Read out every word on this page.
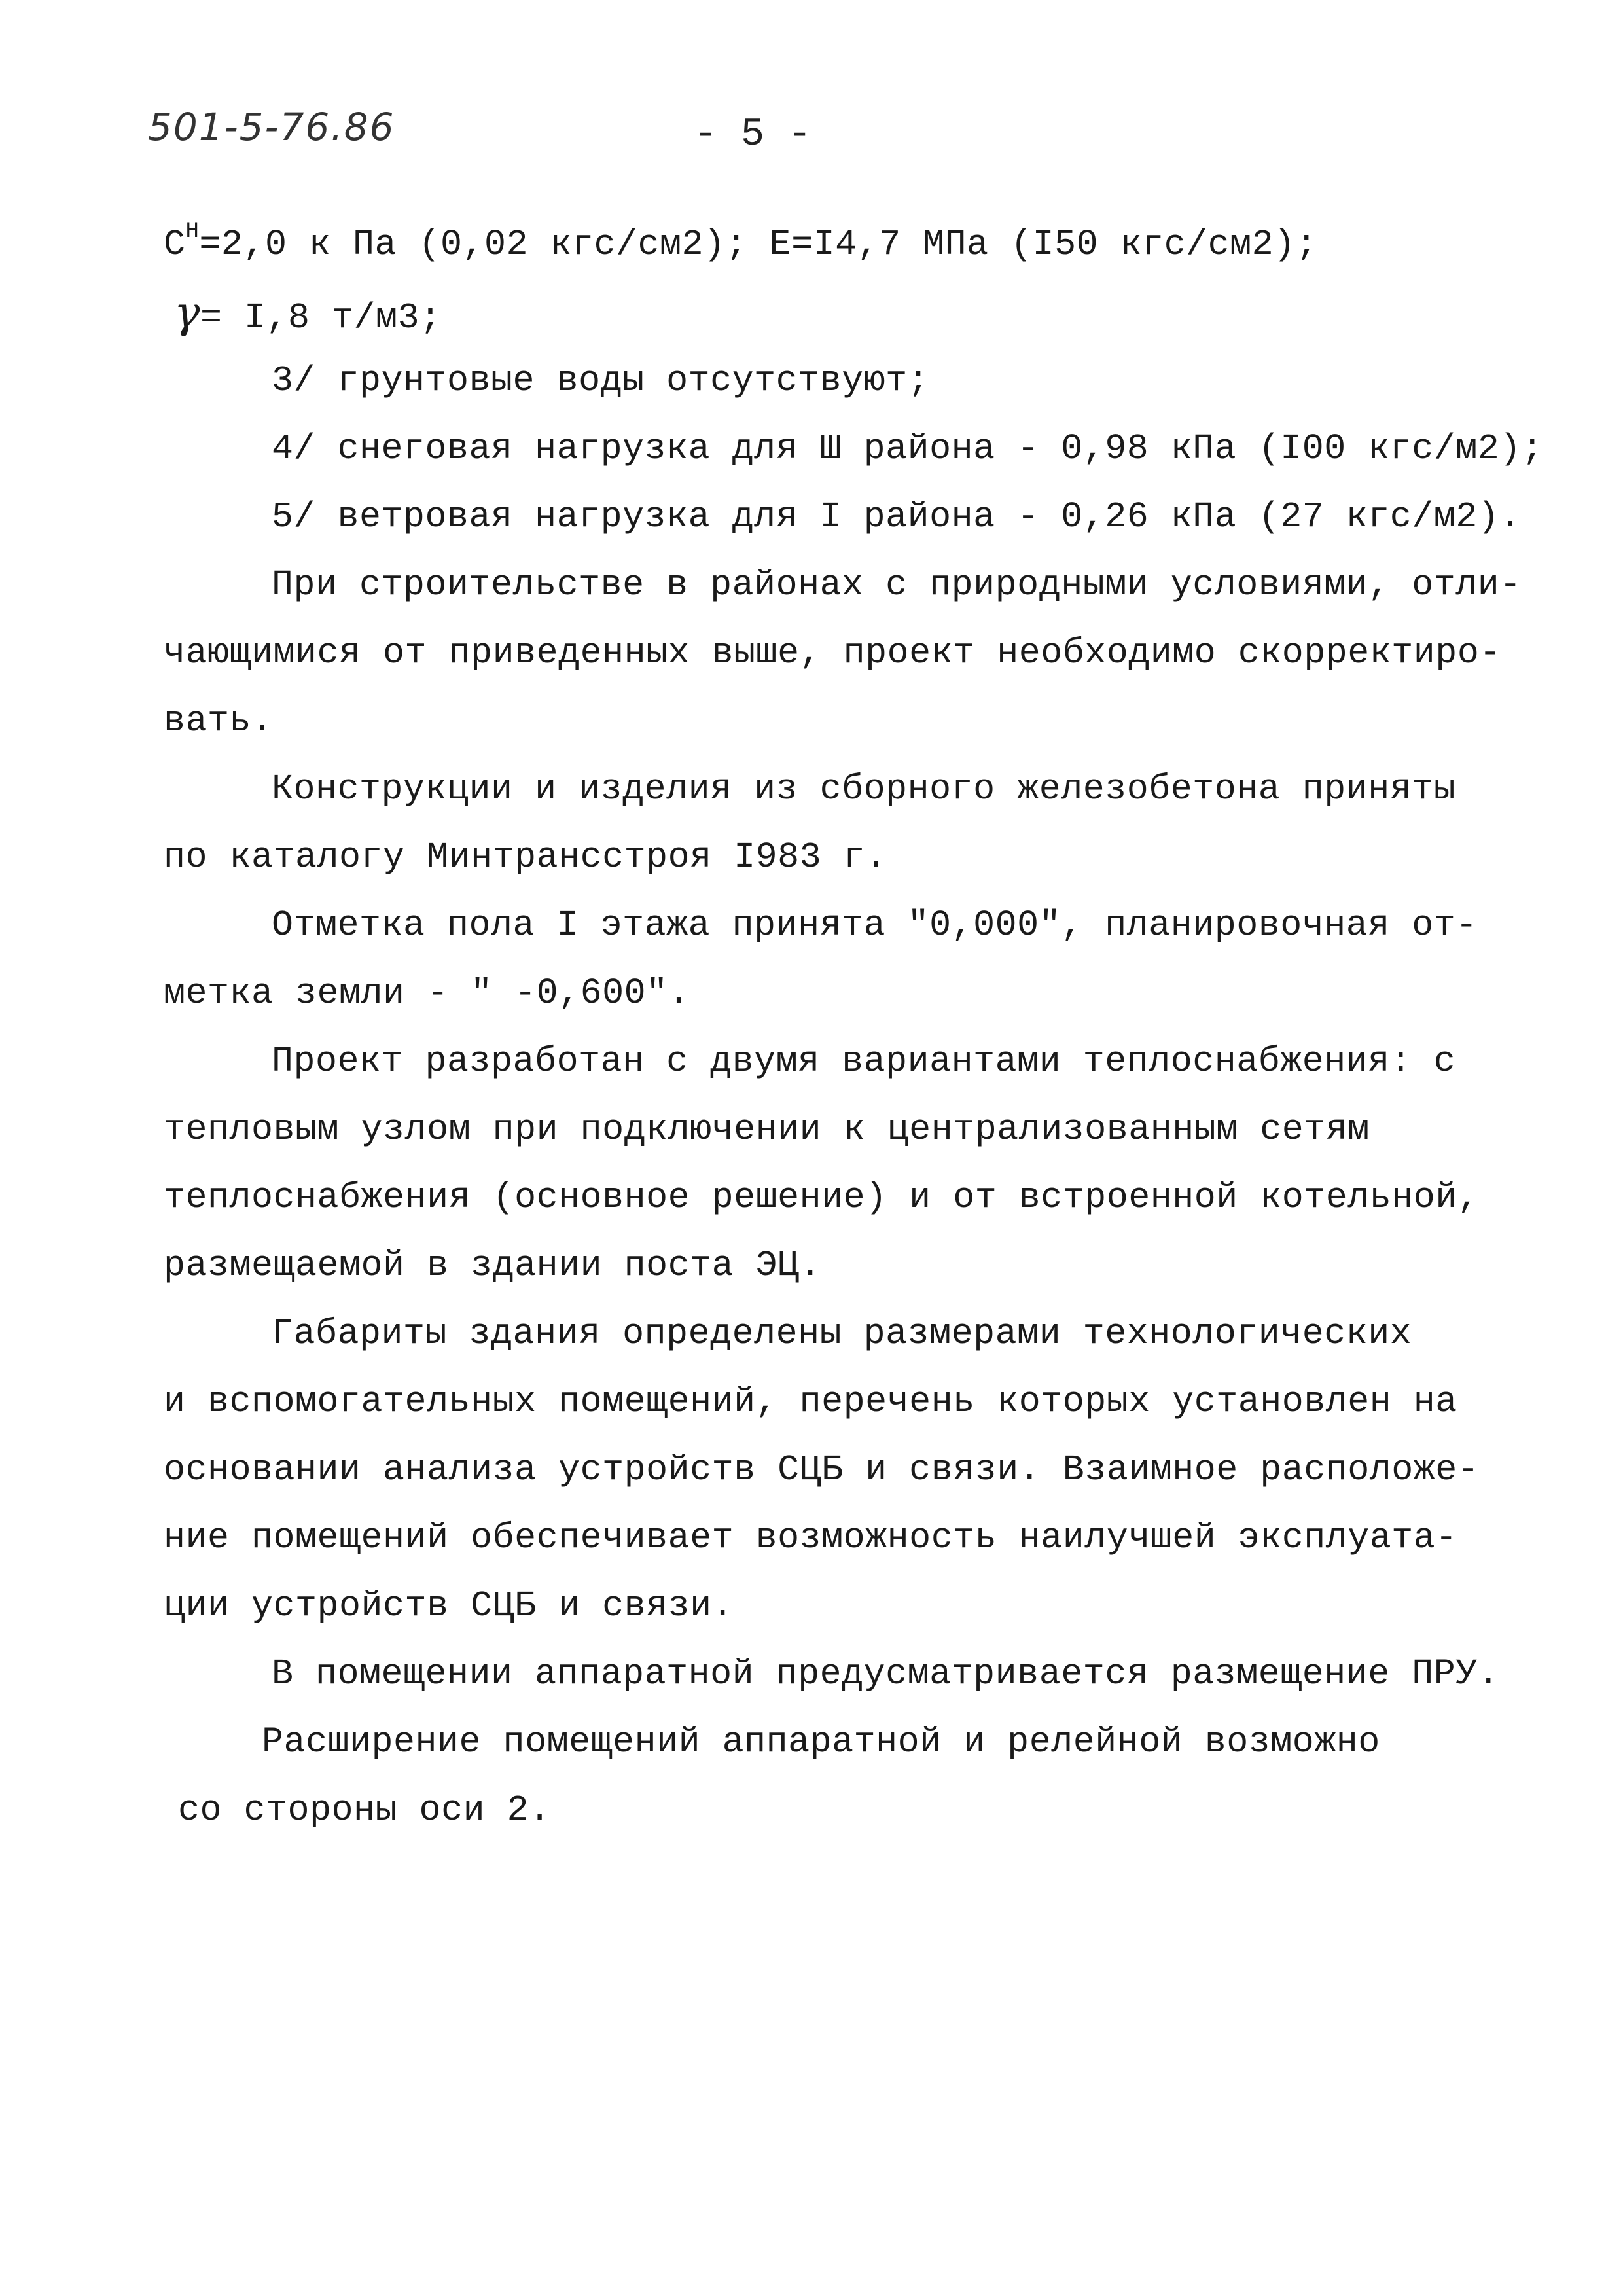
501-5-76.86	- 5 -
$C^Н=2,0$ к Па (0,02 кгс/см2); Е=I4,7 МПа (I50 кгс/см2);
γ= I,8 т/м3;
3/ грунтовые воды отсутствуют;
4/ снеговая нагрузка для Ш района - 0,98 кПа (I00 кгс/м2);
5/ ветровая нагрузка для I района - 0,26 кПа (27 кгс/м2).
При строительстве в районах с природными условиями, отли-
чающимися от приведенных выше, проект необходимо скорректиро-
вать.
Конструкции и изделия из сборного железобетона приняты
по каталогу Минтрансстроя I983 г.
Отметка пола I этажа принята "0,000", планировочная от-
метка земли - " -0,600".
Проект разработан с двумя вариантами теплоснабжения: с
тепловым узлом при подключении к централизованным сетям
теплоснабжения (основное решение) и от встроенной котельной,
размещаемой в здании поста ЭЦ.
Габариты здания определены размерами технологических
и вспомогательных помещений, перечень которых установлен на
основании анализа устройств СЦБ и связи. Взаимное расположе-
ние помещений обеспечивает возможность наилучшей эксплуата-
ции устройств СЦБ и связи.
В помещении аппаратной предусматривается размещение ПРУ.
Расширение помещений аппаратной и релейной возможно
со стороны оси 2.
